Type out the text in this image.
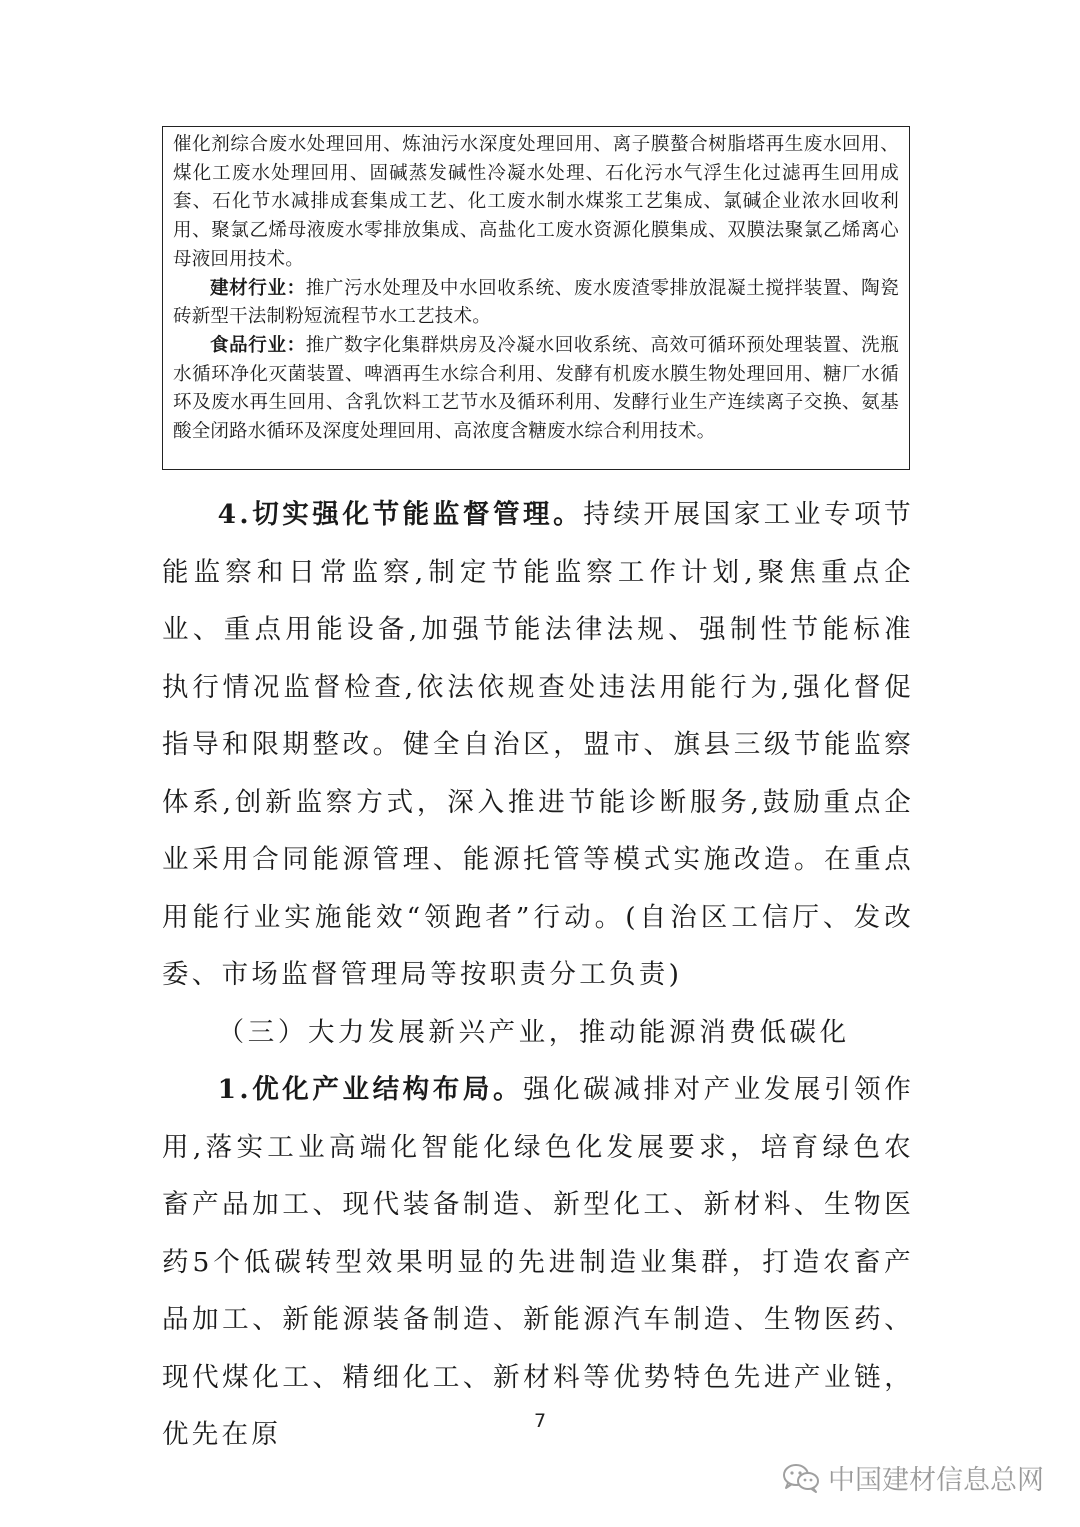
催化剂综合废水处理回用、炼油污水深度处理回用、离子膜螯合树脂塔再生废水回用、煤化工废水处理回用、固碱蒸发碱性冷凝水处理、石化污水气浮生化过滤再生回用成套、石化节水减排成套集成工艺、化工废水制水煤浆工艺集成、氯碱企业浓水回收利用、聚氯乙烯母液废水零排放集成、高盐化工废水资源化膜集成、双膜法聚氯乙烯离心母液回用技术。

建材行业：推广污水处理及中水回收系统、废水废渣零排放混凝土搅拌装置、陶瓷砖新型干法制粉短流程节水工艺技术。

食品行业：推广数字化集群烘房及冷凝水回收系统、高效可循环预处理装置、洗瓶水循环净化灭菌装置、啤酒再生水综合利用、发酵有机废水膜生物处理回用、糖厂水循环及废水再生回用、含乳饮料工艺节水及循环利用、发酵行业生产连续离子交换、氨基酸全闭路水循环及深度处理回用、高浓度含糖废水综合利用技术。

4.切实强化节能监督管理。持续开展国家工业专项节能监察和日常监察,制定节能监察工作计划,聚焦重点企业、重点用能设备,加强节能法律法规、强制性节能标准执行情况监督检查,依法依规查处违法用能行为,强化督促指导和限期整改。健全自治区，盟市、旗县三级节能监察体系,创新监察方式，深入推进节能诊断服务,鼓励重点企业采用合同能源管理、能源托管等模式实施改造。在重点用能行业实施能效“领跑者”行动。(自治区工信厅、发改委、市场监督管理局等按职责分工负责)

（三）大力发展新兴产业，推动能源消费低碳化

1.优化产业结构布局。强化碳减排对产业发展引领作用,落实工业高端化智能化绿色化发展要求，培育绿色农畜产品加工、现代装备制造、新型化工、新材料、生物医药5个低碳转型效果明显的先进制造业集群，打造农畜产品加工、新能源装备制造、新能源汽车制造、生物医药、现代煤化工、精细化工、新材料等优势特色先进产业链，优先在原	7
中国建材信息总网
